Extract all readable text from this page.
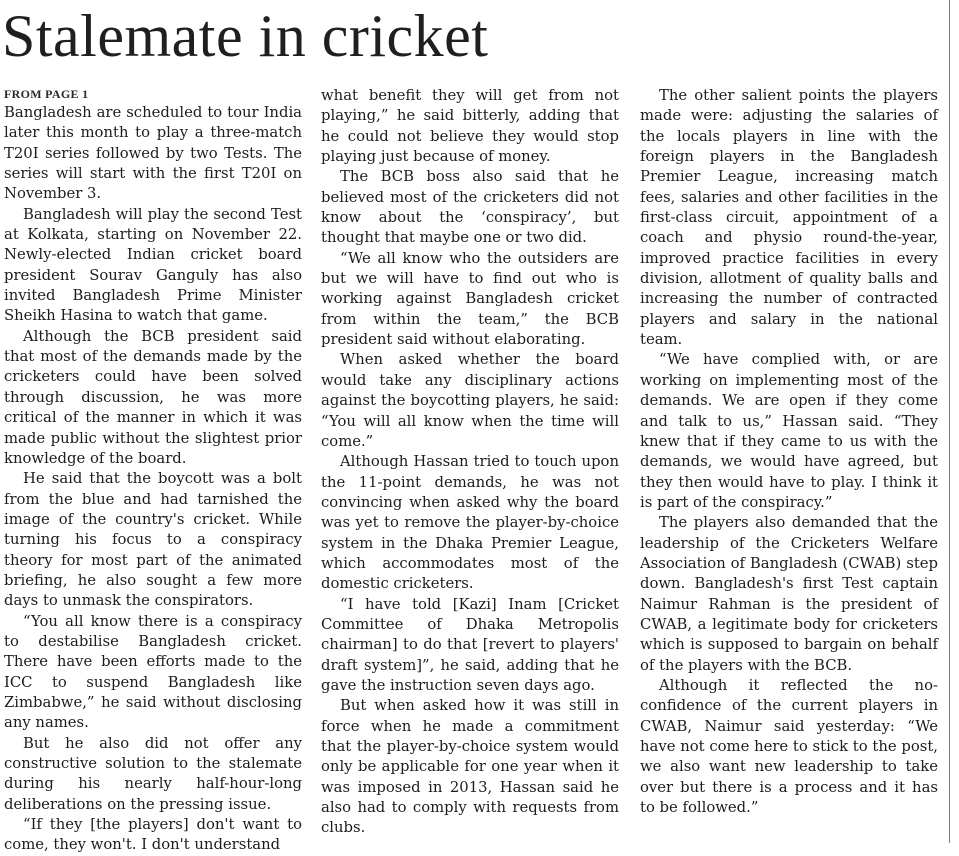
Stalemate in cricket

FROM PAGE 1

Bangladesh are scheduled to tour India later this month to play a three-match T20I series followed by two Tests. The series will start with the first T20I on November 3.

Bangladesh will play the second Test at Kolkata, starting on November 22. Newly-elected Indian cricket board president Sourav Ganguly has also invited Bangladesh Prime Minister Sheikh Hasina to watch that game.

Although the BCB president said that most of the demands made by the cricketers could have been solved through discussion, he was more critical of the manner in which it was made public without the slightest prior knowledge of the board.

He said that the boycott was a bolt from the blue and had tarnished the image of the country's cricket. While turning his focus to a conspiracy theory for most part of the animated briefing, he also sought a few more days to unmask the conspirators.

“You all know there is a conspiracy to destabilise Bangladesh cricket. There have been efforts made to the ICC to suspend Bangladesh like Zimbabwe,” he said without disclosing any names.

But he also did not offer any constructive solution to the stalemate during his nearly half-hour-long deliberations on the pressing issue.

“If they [the players] don't want to come, they won't. I don't understand

what benefit they will get from not playing,” he said bitterly, adding that he could not believe they would stop playing just because of money.

The BCB boss also said that he believed most of the cricketers did not know about the ‘conspiracy’, but thought that maybe one or two did.

“We all know who the outsiders are but we will have to find out who is working against Bangladesh cricket from within the team,” the BCB president said without elaborating.

When asked whether the board would take any disciplinary actions against the boycotting players, he said: “You will all know when the time will come.”

Although Hassan tried to touch upon the 11-point demands, he was not convincing when asked why the board was yet to remove the player-by-choice system in the Dhaka Premier League, which accommodates most of the domestic cricketers.

“I have told [Kazi] Inam [Cricket Committee of Dhaka Metropolis chairman] to do that [revert to players' draft system]”, he said, adding that he gave the instruction seven days ago.

But when asked how it was still in force when he made a commitment that the player-by-choice system would only be applicable for one year when it was imposed in 2013, Hassan said he also had to comply with requests from clubs.

The other salient points the players made were: adjusting the salaries of the locals players in line with the foreign players in the Bangladesh Premier League, increasing match fees, salaries and other facilities in the first-class circuit, appointment of a coach and physio round-the-year, improved practice facilities in every division, allotment of quality balls and increasing the number of contracted players and salary in the national team.

“We have complied with, or are working on implementing most of the demands. We are open if they come and talk to us,” Hassan said. “They knew that if they came to us with the demands, we would have agreed, but they then would have to play. I think it is part of the conspiracy.”

The players also demanded that the leadership of the Cricketers Welfare Association of Bangladesh (CWAB) step down. Bangladesh's first Test captain Naimur Rahman is the president of CWAB, a legitimate body for cricketers which is supposed to bargain on behalf of the players with the BCB.

Although it reflected the no-confidence of the current players in CWAB, Naimur said yesterday: “We have not come here to stick to the post, we also want new leadership to take over but there is a process and it has to be followed.”
